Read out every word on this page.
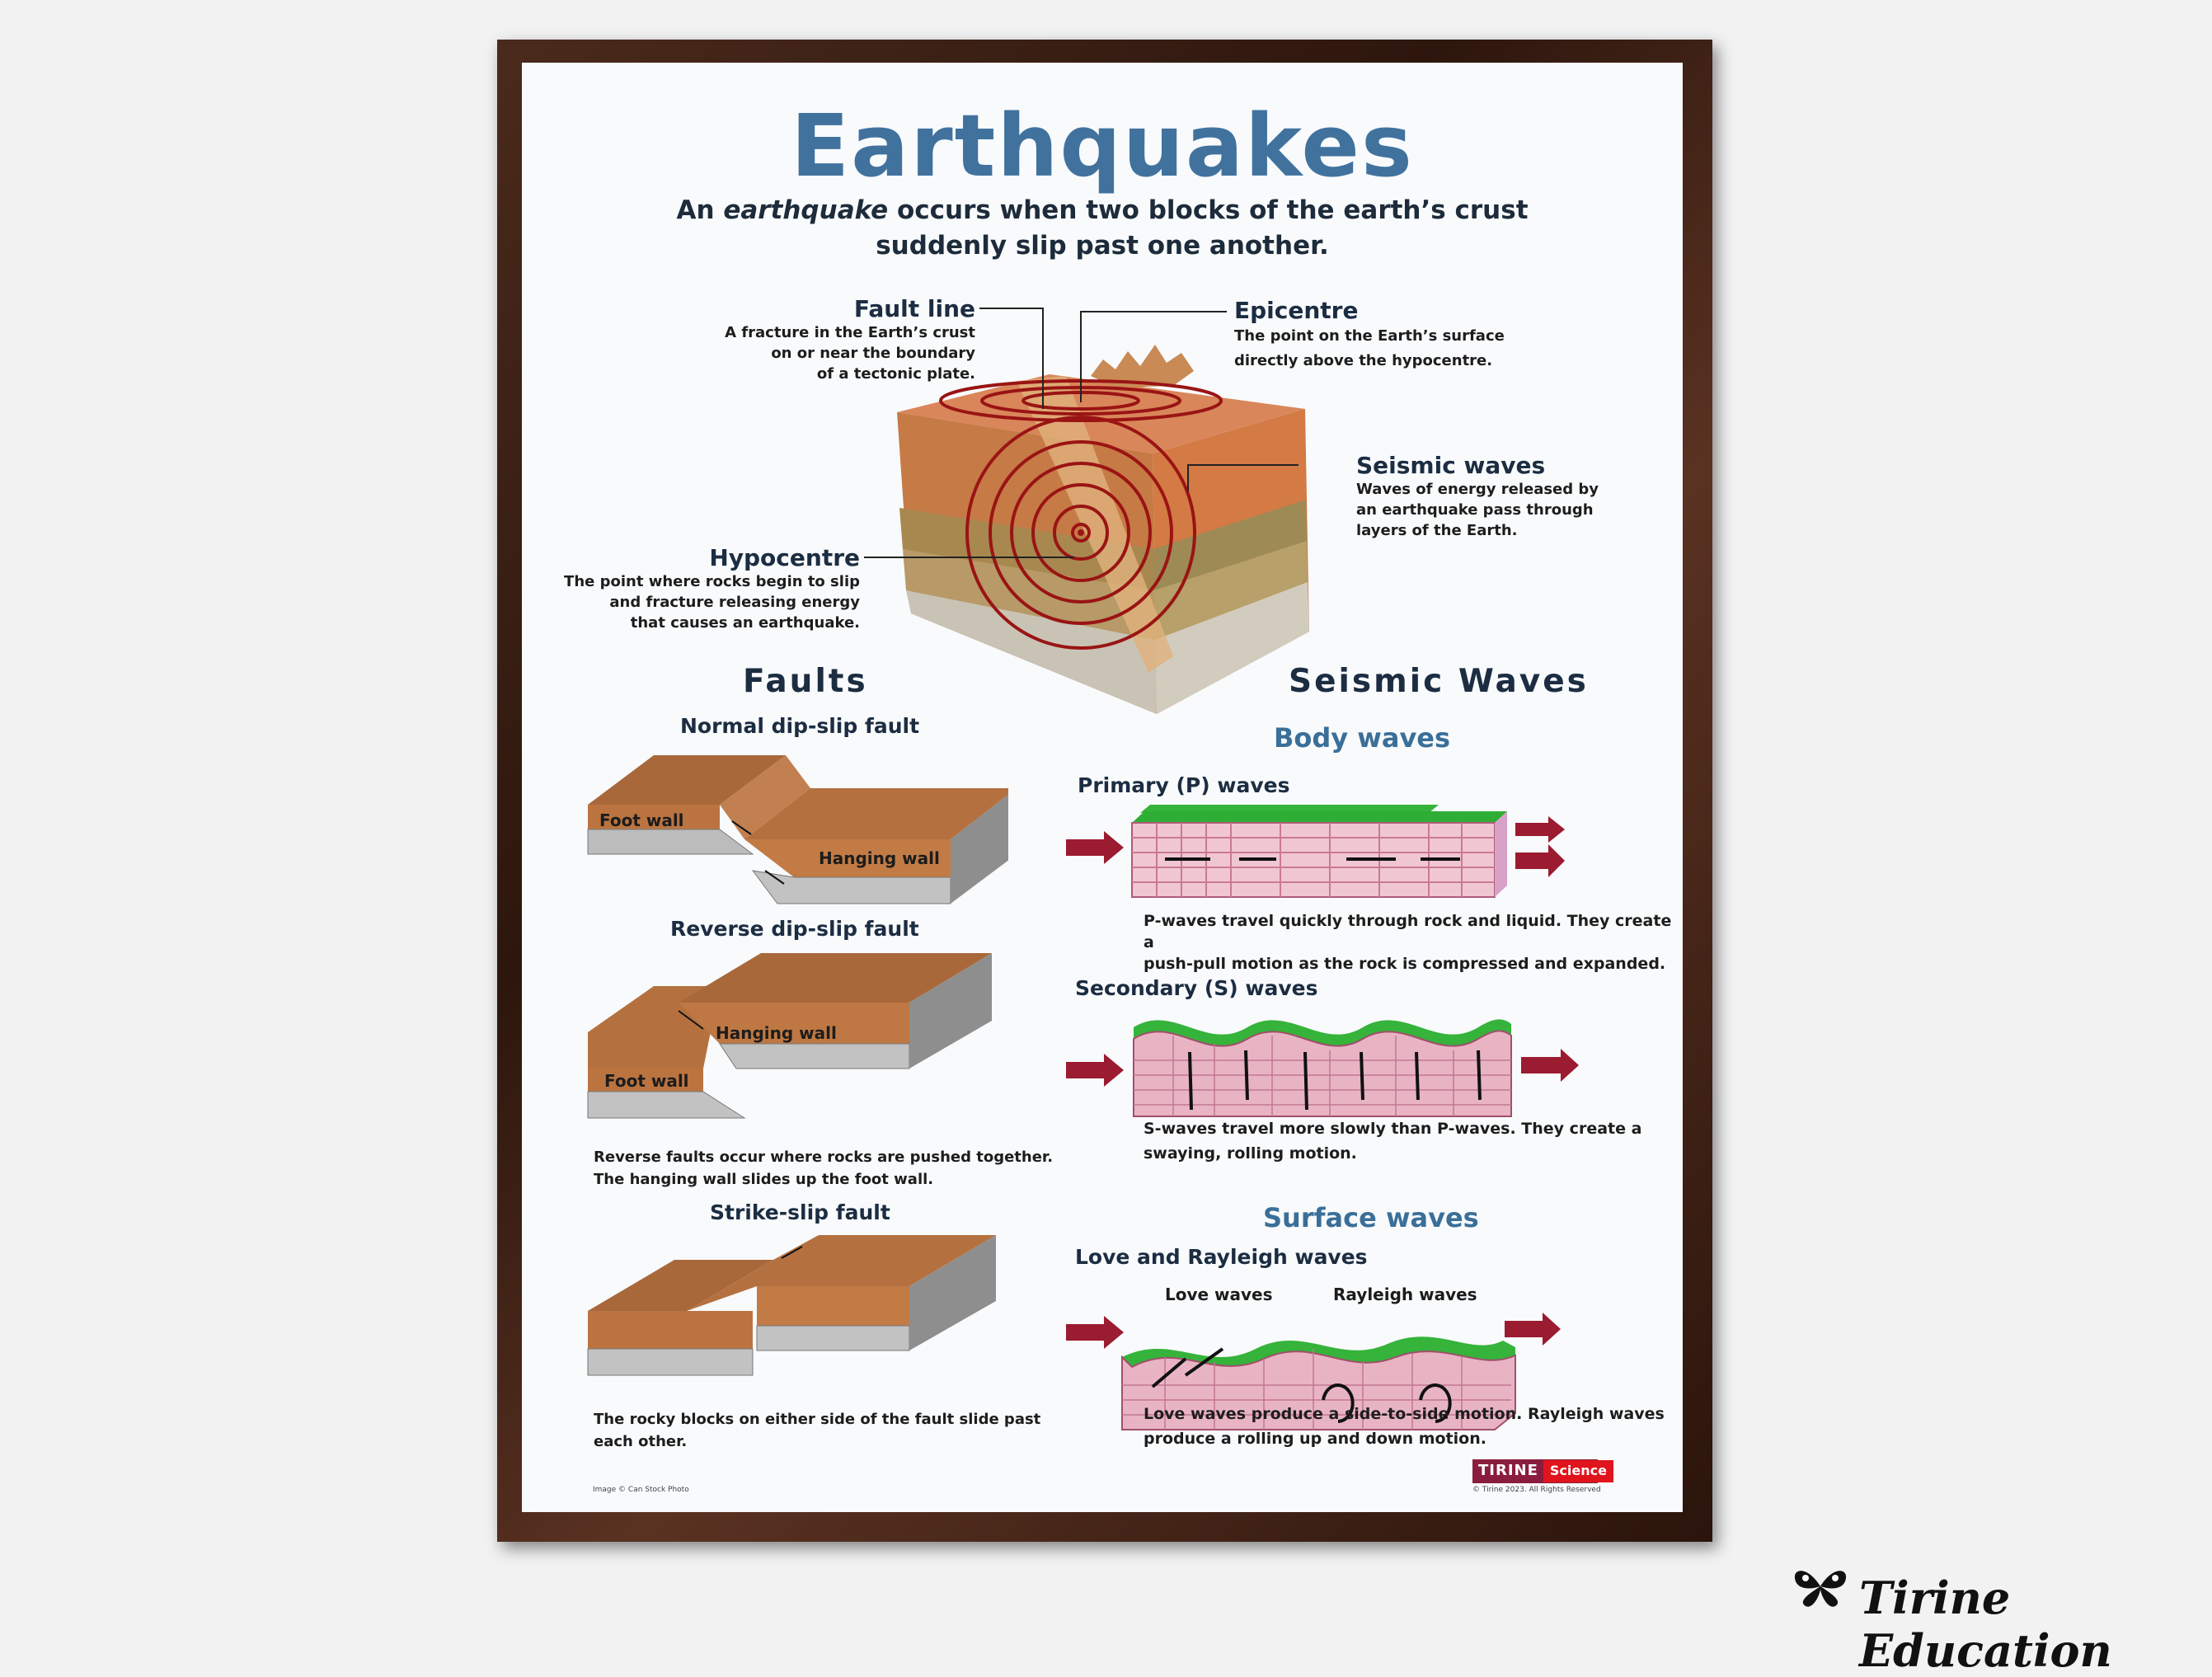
Earthquakes
An earthquake occurs when two blocks of the earth’s crust
suddenly slip past one another.
Fault line
A fracture in the Earth’s crust
on or near the boundary
of a tectonic plate.
Epicentre
The point on the Earth’s surface
directly above the hypocentre.
Seismic waves
Waves of energy released by
an earthquake pass through
layers of the Earth.
Hypocentre
The point where rocks begin to slip
and fracture releasing energy
that causes an earthquake.
Faults	Seismic Waves
Normal dip-slip fault
Foot wall
Hanging wall
Reverse dip-slip fault
Hanging wall
Foot wall
Reverse faults occur where rocks are pushed together.
The hanging wall slides up the foot wall.
Strike-slip fault
The rocky blocks on either side of the fault slide past
each other.
Body waves
Primary (P) waves
P-waves travel quickly through rock and liquid. They create a
push-pull motion as the rock is compressed and expanded.
Secondary (S) waves
S-waves travel more slowly than P-waves. They create a
swaying, rolling motion.
Surface waves
Love and Rayleigh waves
Love waves	Rayleigh waves
Love waves produce a side-to-side motion. Rayleigh waves
produce a rolling up and down motion.
Image © Can Stock Photo
TIRINE Science
© Tirine 2023. All Rights Reserved
Tirine Education
